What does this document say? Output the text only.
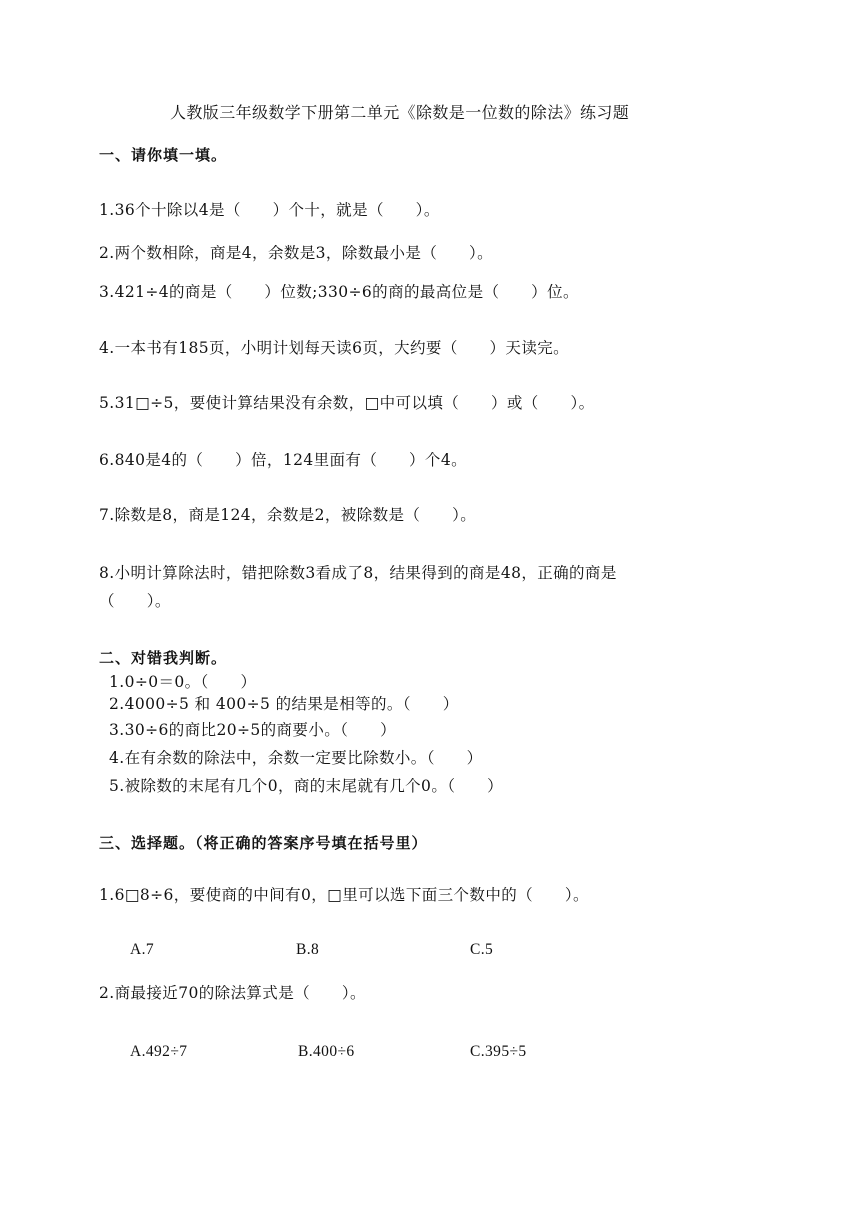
人教版三年级数学下册第二单元《除数是一位数的除法》练习题
一、请你填一填。
1.36个十除以4是（　　）个十，就是（　　）。
2.两个数相除，商是4，余数是3，除数最小是（　　）。
3.421÷4的商是（　　）位数;330÷6的商的最高位是（　　）位。
4.一本书有185页，小明计划每天读6页，大约要（　　）天读完。
5.31□÷5，要使计算结果没有余数，□中可以填（　　）或（　　）。
6.840是4的（　　）倍，124里面有（　　）个4。
7.除数是8，商是124，余数是2，被除数是（　　）。
8.小明计算除法时，错把除数3看成了8，结果得到的商是48，正确的商是
（　　）。
二、对错我判断。
1.0÷0＝0。（　　）
2.4000÷5 和 400÷5 的结果是相等的。（　　）
3.30÷6的商比20÷5的商要小。（　　）
4.在有余数的除法中，余数一定要比除数小。（　　）
5.被除数的末尾有几个0，商的末尾就有几个0。（　　）
三、选择题。（将正确的答案序号填在括号里）
1.6□8÷6，要使商的中间有0，□里可以选下面三个数中的（　　）。
A.7	B.8	C.5
2.商最接近70的除法算式是（　　）。
A.492÷7	B.400÷6	C.395÷5
